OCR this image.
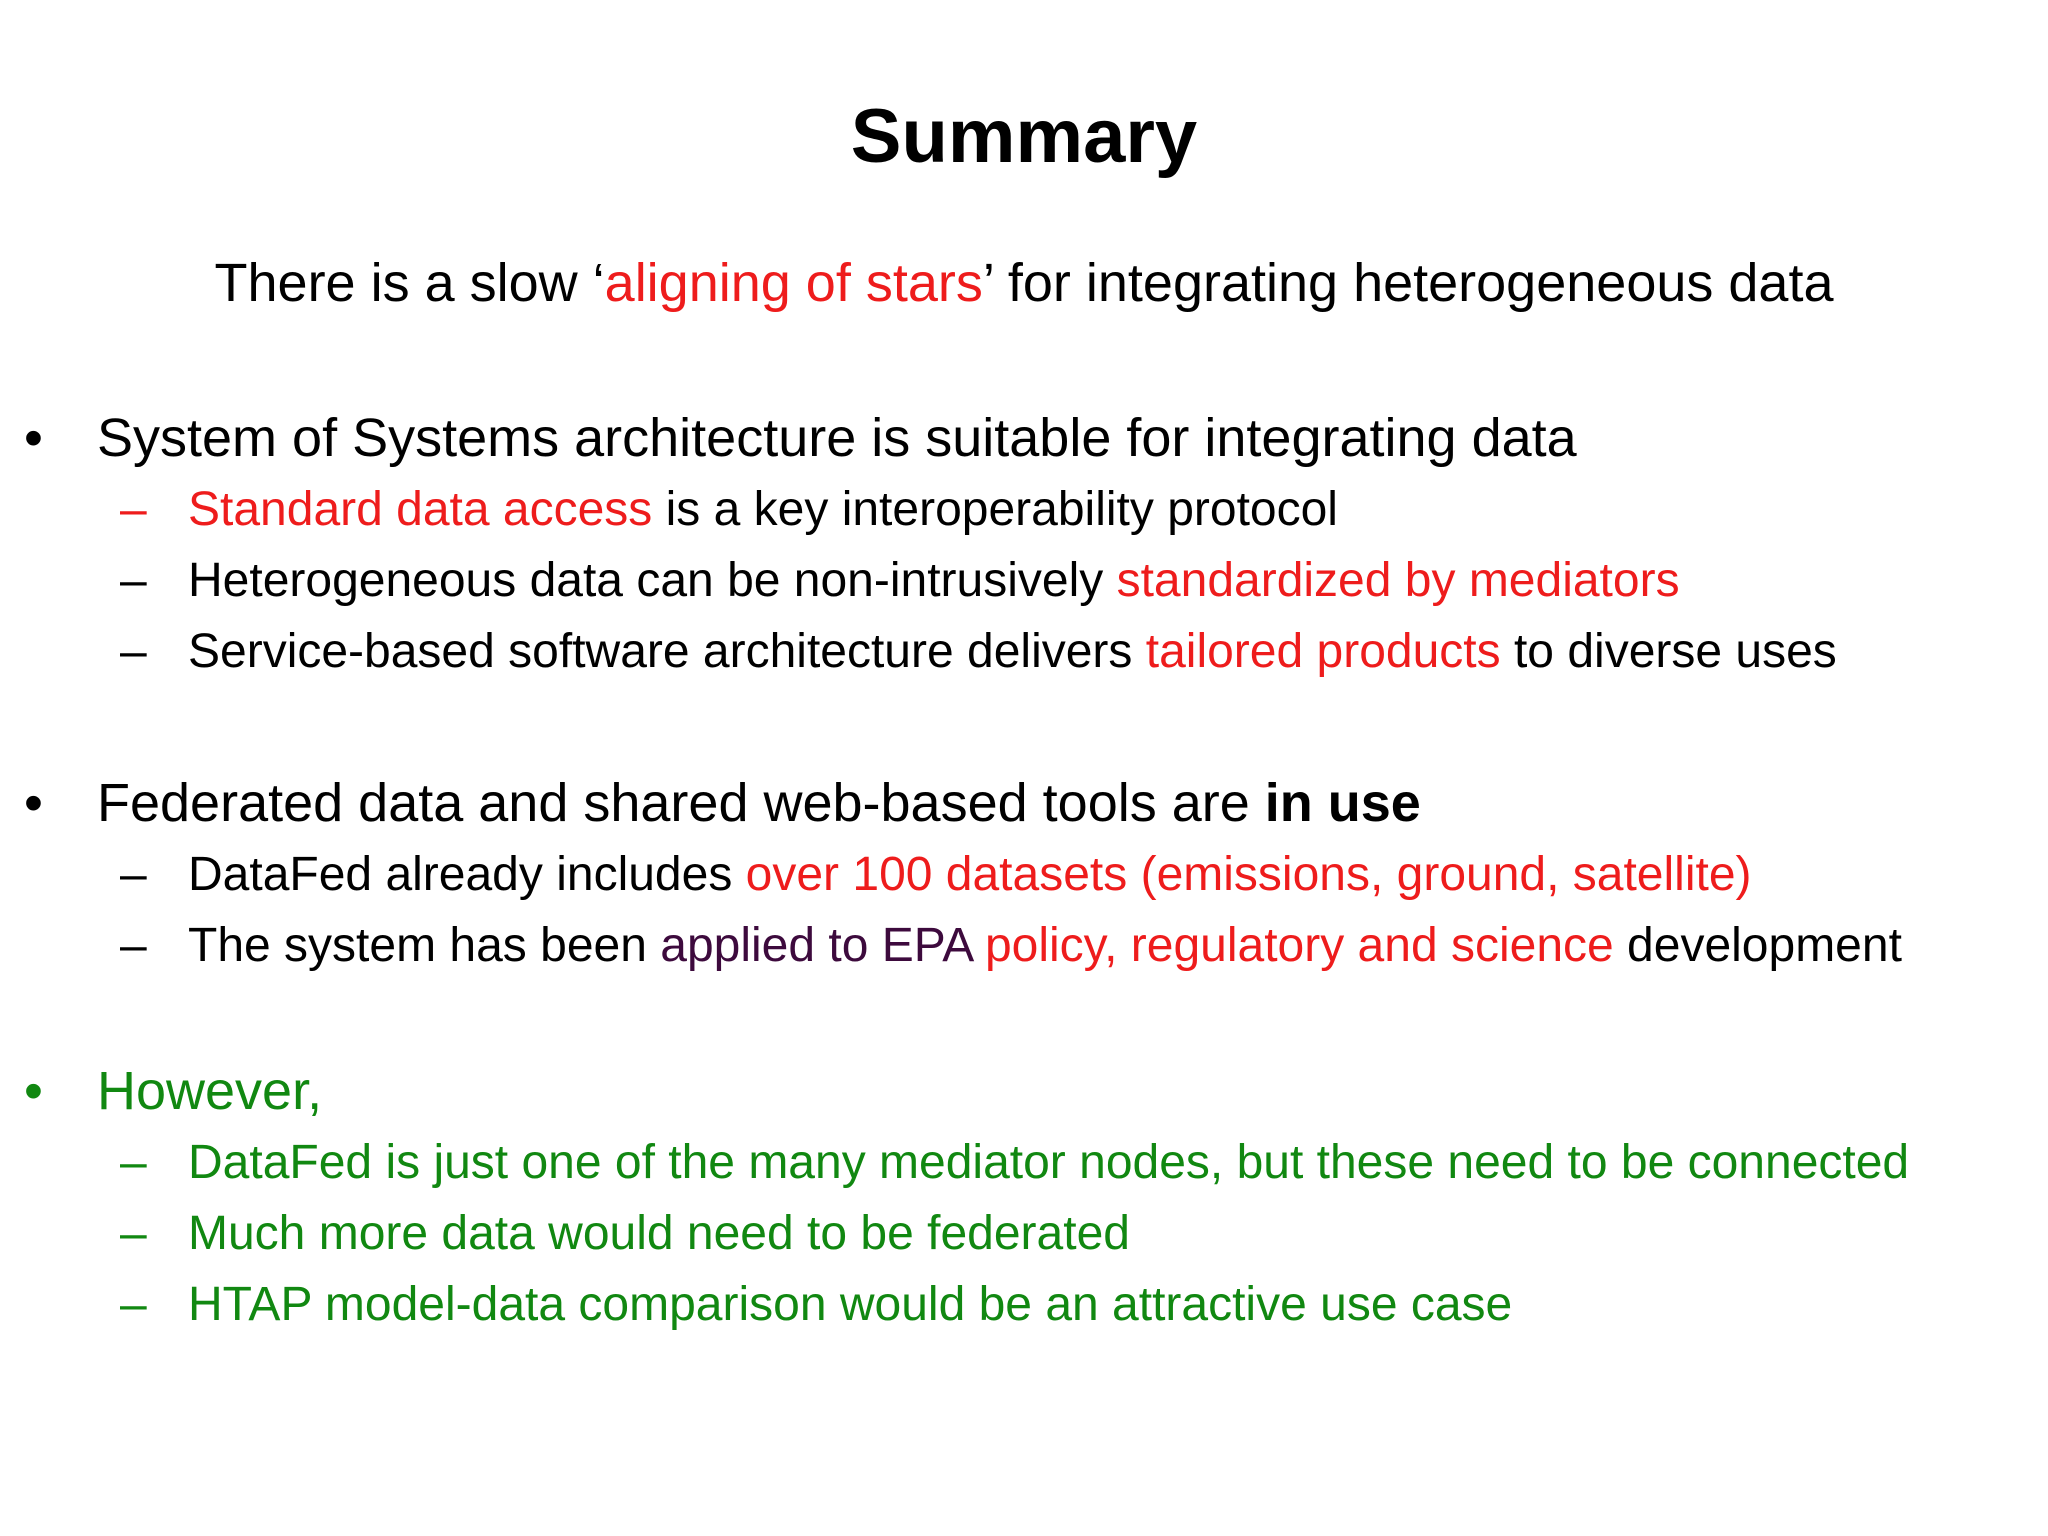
Summary
There is a slow ‘aligning of stars’ for integrating heterogeneous data
• System of Systems architecture is suitable for integrating data
– Standard data access is a key interoperability protocol
– Heterogeneous data can be non-intrusively standardized by mediators
– Service-based software architecture delivers tailored products to diverse uses
• Federated data and shared web-based tools are in use
– DataFed already includes over 100 datasets (emissions, ground, satellite)
– The system has been applied to EPA policy, regulatory and science development
• However,
– DataFed is just one of the many mediator nodes, but these need to be connected
– Much more data would need to be federated
– HTAP model-data comparison would be an attractive use case
